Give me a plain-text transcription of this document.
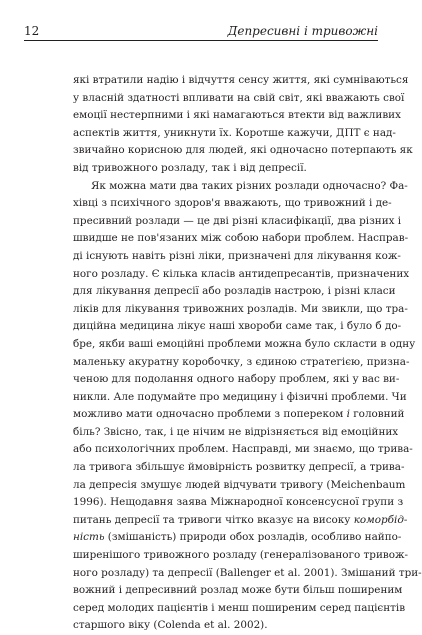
12	Депресивні і тривожні

які втратили надію і відчуття сенсу життя, які сумніваються
у власній здатності впливати на свій світ, які вважають свої
емоції нестерпними і які намагаються втекти від важливих
аспектів життя, уникнути їх. Коротше кажучи, ДПТ є над-
звичайно корисною для людей, які одночасно потерпають як
від тривожного розладу, так і від депресії.

Як можна мати два таких різних розлади одночасно? Фа-
хівці з психічного здоров'я вважають, що тривожний і де-
пресивний розлади — це дві різні класифікації, два різних і
швидше не пов'язаних між собою набори проблем. Насправ-
ді існують навіть різні ліки, призначені для лікування кож-
ного розладу. Є кілька класів антидепресантів, призначених
для лікування депресії або розладів настрою, і різні класи
ліків для лікування тривожних розладів. Ми звикли, що тра-
диційна медицина лікує наші хвороби саме так, і було б до-
бре, якби ваші емоційні проблеми можна було скласти в одну
маленьку акуратну коробочку, з єдиною стратегією, призна-
ченою для подолання одного набору проблем, які у вас ви-
никли. Але подумайте про медицину і фізичні проблеми. Чи
можливо мати одночасно проблеми з попереком і головний
біль? Звісно, так, і це нічим не відрізняється від емоційних
або психологічних проблем. Насправді, ми знаємо, що трива-
ла тривога збільшує ймовірність розвитку депресії, а трива-
ла депресія змушує людей відчувати тривогу (Meichenbaum
1996). Нещодавня заява Міжнародної консенсусної групи з
питань депресії та тривоги чітко вказує на високу коморбід-
ність (змішаність) природи обох розладів, особливо найпо-
ширенішого тривожного розладу (генералізованого тривож-
ного розладу) та депресії (Ballenger et al. 2001). Змішаний три-
вожний і депресивний розлад може бути більш поширеним
серед молодих пацієнтів і менш поширеним серед пацієнтів
старшого віку (Colenda et al. 2002).
